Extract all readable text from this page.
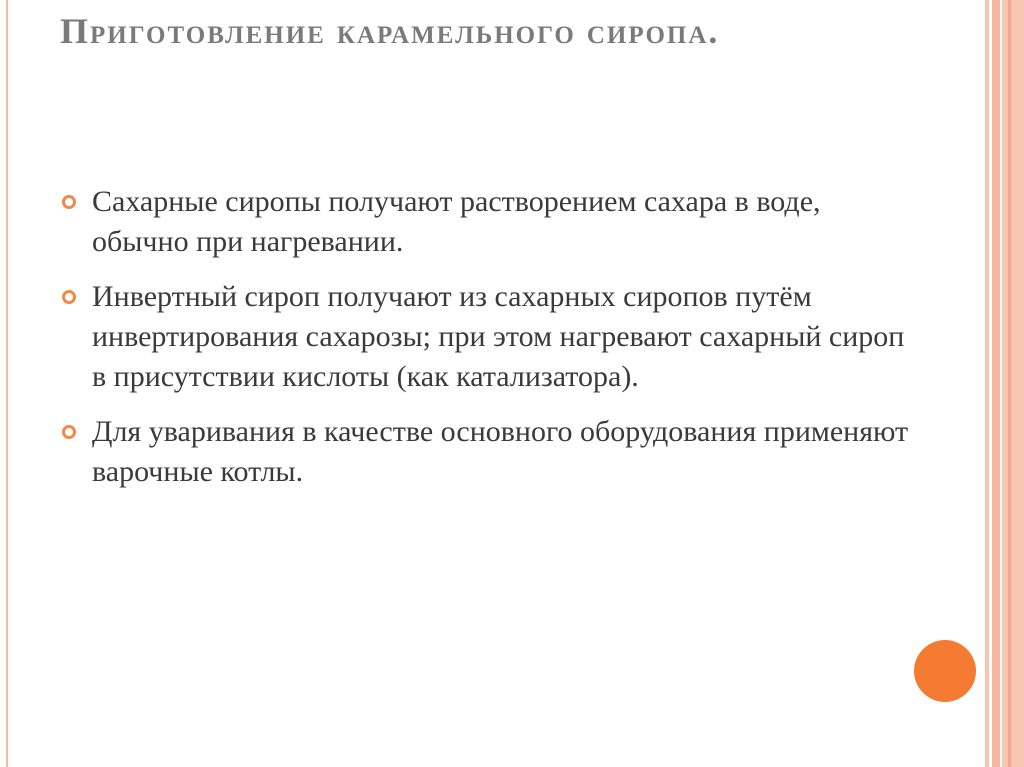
Приготовление карамельного сиропа.
Сахарные сиропы получают растворением сахара в воде, обычно при нагревании.
Инвертный сироп получают из сахарных сиропов путём инвертирования сахарозы; при этом нагревают сахарный сироп в присутствии кислоты (как катализатора).
Для уваривания в качестве основного оборудования применяют варочные котлы.
